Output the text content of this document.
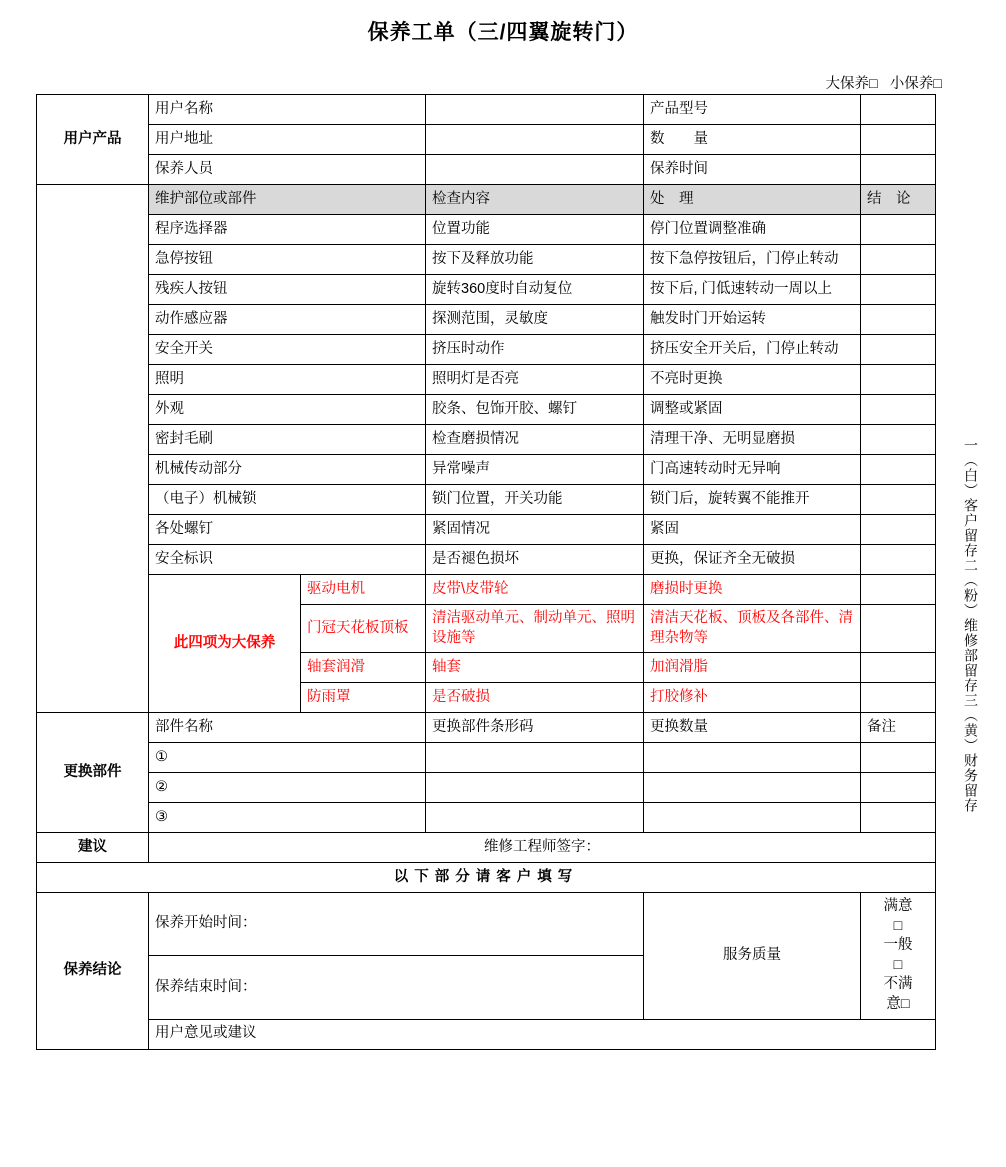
保养工单（三/四翼旋转门）
大保养□ 小保养□
用户产品	用户名称			产品型号	
	用户地址			数　　量	
	保养人员			保养时间	
	维护部位或部件		检查内容	处　理	结　论
	程序选择器		位置功能	停门位置调整准确	
	急停按钮		按下及释放功能	按下急停按钮后，门停止转动	
	残疾人按钮		旋转360度时自动复位	按下后, 门低速转动一周以上	
	动作感应器		探测范围，灵敏度	触发时门开始运转	
	安全开关		挤压时动作	挤压安全开关后，门停止转动	
	照明		照明灯是否亮	不亮时更换	
	外观		胶条、包饰开胶、螺钉	调整或紧固	
	密封毛刷		检查磨损情况	清理干净、无明显磨损	
	机械传动部分		异常噪声	门高速转动时无异响	
	（电子）机械锁		锁门位置，开关功能	锁门后，旋转翼不能推开	
	各处螺钉		紧固情况	紧固	
	安全标识		是否褪色损坏	更换，保证齐全无破损	
	此四项为大保养	驱动电机	皮带\皮带轮	磨损时更换	
		门冠天花板顶板	清洁驱动单元、制动单元、照明设施等	清洁天花板、顶板及各部件、清理杂物等	
		轴套润滑	轴套	加润滑脂	
		防雨罩	是否破损	打胶修补	
更换部件	部件名称		更换部件条形码	更换数量	备注
	①				
	②				
	③				
建议	维修工程师签字：				
以下部分请客户填写					
保养结论	保养开始时间：			服务质量	满意□一般□不满意□
	保养结束时间：				
	用户意见或建议				
一（白）客户留存二（粉）维修部留存三（黄）财务留存
